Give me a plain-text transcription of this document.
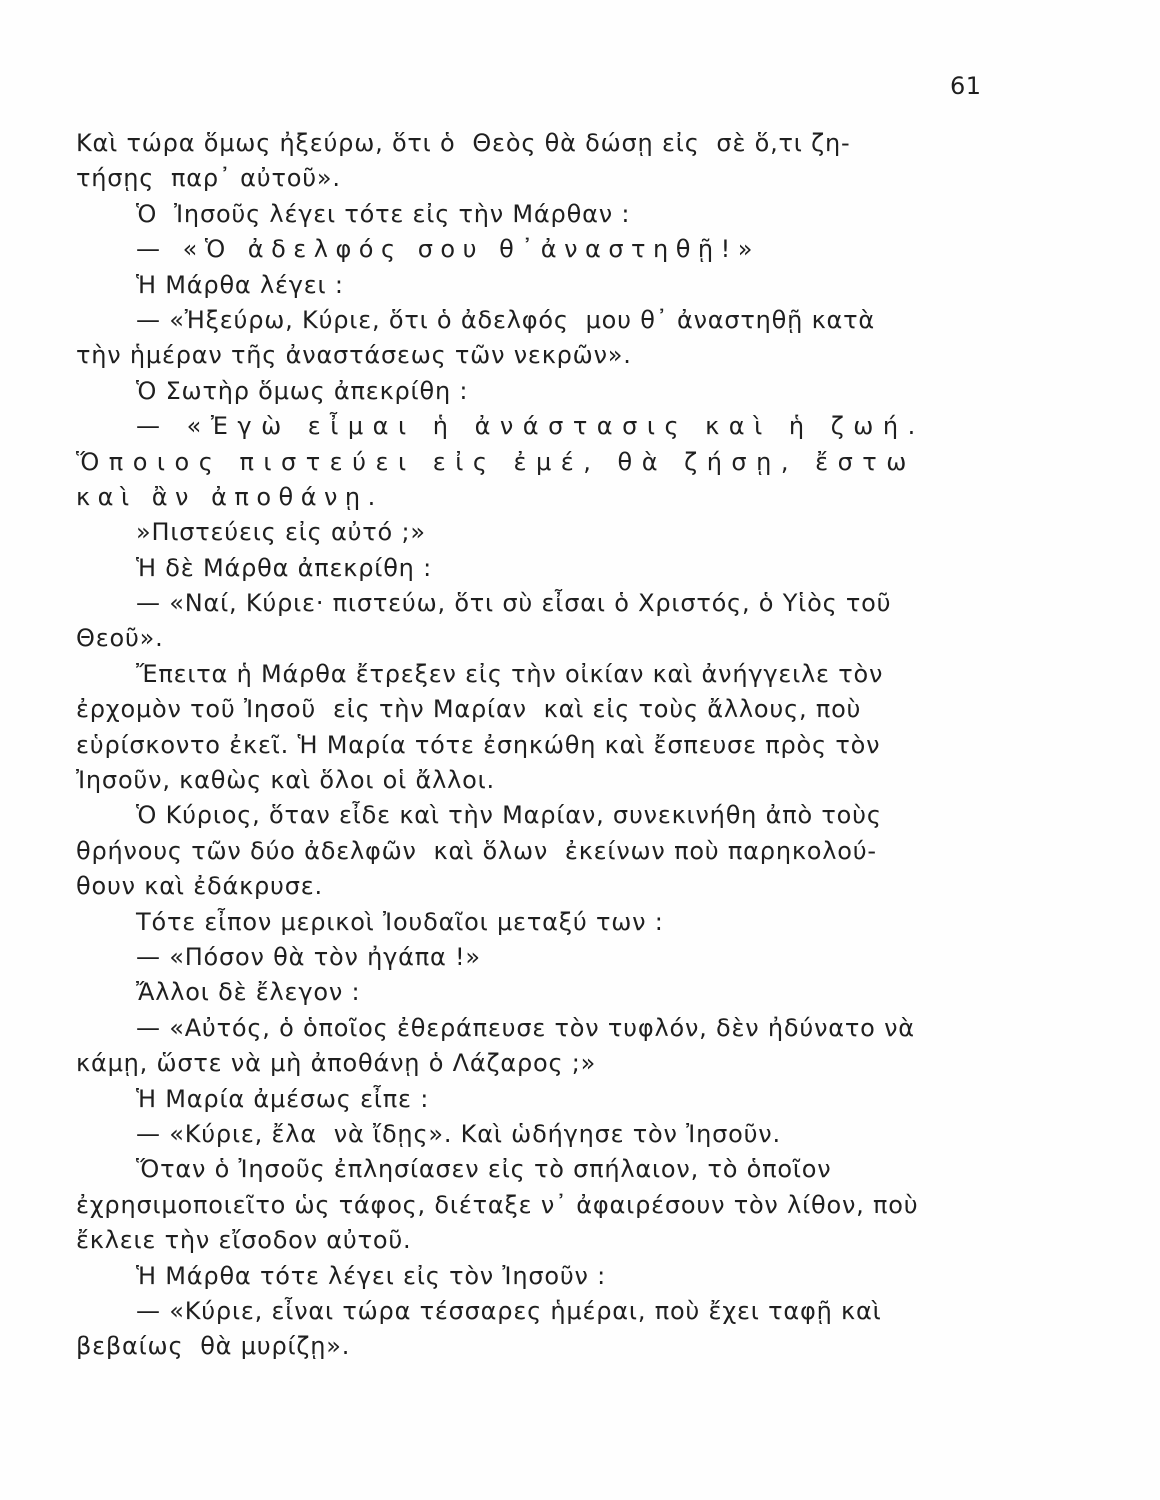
61
Καὶ τώρα ὅμως ἠξεύρω, ὅτι ὁ  Θεὸς θὰ δώσῃ εἰς  σὲ ὅ,τι ζη-
τήσῃς  παρ᾿ αὐτοῦ».
Ὁ  Ἰησοῦς λέγει τότε εἰς τὴν Μάρθαν :
— «Ὁ ἀδελφός σου θ᾿ἀναστηθῇ!»
Ἡ Μάρθα λέγει :
— «Ἠξεύρω, Κύριε, ὅτι ὁ ἀδελφός  μου θ᾿ ἀναστηθῇ κατὰ
τὴν ἡμέραν τῆς ἀναστάσεως τῶν νεκρῶν».
Ὁ Σωτὴρ ὅμως ἀπεκρίθη :
— «Ἐγὼ εἶμαι ἡ ἀνάστασις καὶ ἡ ζωή.
Ὅποιος πιστεύει εἰς ἐμέ, θὰ ζήσῃ, ἔστω
καὶ ἂν ἀποθάνῃ.
»Πιστεύεις εἰς αὐτό ;»
Ἡ δὲ Μάρθα ἀπεκρίθη :
— «Ναί, Κύριε· πιστεύω, ὅτι σὺ εἶσαι ὁ Χριστός, ὁ Υἱὸς τοῦ
Θεοῦ».
Ἔπειτα ἡ Μάρθα ἔτρεξεν εἰς τὴν οἰκίαν καὶ ἀνήγγειλε τὸν
ἐρχομὸν τοῦ Ἰησοῦ  εἰς τὴν Μαρίαν  καὶ εἰς τοὺς ἄλλους, ποὺ
εὑρίσκοντο ἐκεῖ. Ἡ Μαρία τότε ἐσηκώθη καὶ ἔσπευσε πρὸς τὸν
Ἰησοῦν, καθὼς καὶ ὅλοι οἱ ἄλλοι.
Ὁ Κύριος, ὅταν εἶδε καὶ τὴν Μαρίαν, συνεκινήθη ἀπὸ τοὺς
θρήνους τῶν δύο ἀδελφῶν  καὶ ὅλων  ἐκείνων ποὺ παρηκολού-
θουν καὶ ἐδάκρυσε.
Τότε εἶπον μερικοὶ Ἰουδαῖοι μεταξύ των :
— «Πόσον θὰ τὸν ἠγάπα !»
Ἄλλοι δὲ ἔλεγον :
— «Αὐτός, ὁ ὁποῖος ἐθεράπευσε τὸν τυφλόν, δὲν ἠδύνατο νὰ
κάμῃ, ὥστε νὰ μὴ ἀποθάνῃ ὁ Λάζαρος ;»
Ἡ Μαρία ἀμέσως εἶπε :
— «Κύριε, ἔλα  νὰ ἴδῃς». Καὶ ὡδήγησε τὸν Ἰησοῦν.
Ὅταν ὁ Ἰησοῦς ἐπλησίασεν εἰς τὸ σπήλαιον, τὸ ὁποῖον
ἐχρησιμοποιεῖτο ὡς τάφος, διέταξε ν᾿ ἀφαιρέσουν τὸν λίθον, ποὺ
ἔκλειε τὴν εἴσοδον αὐτοῦ.
Ἡ Μάρθα τότε λέγει εἰς τὸν Ἰησοῦν :
— «Κύριε, εἶναι τώρα τέσσαρες ἡμέραι, ποὺ ἔχει ταφῇ καὶ
βεβαίως  θὰ μυρίζῃ».
